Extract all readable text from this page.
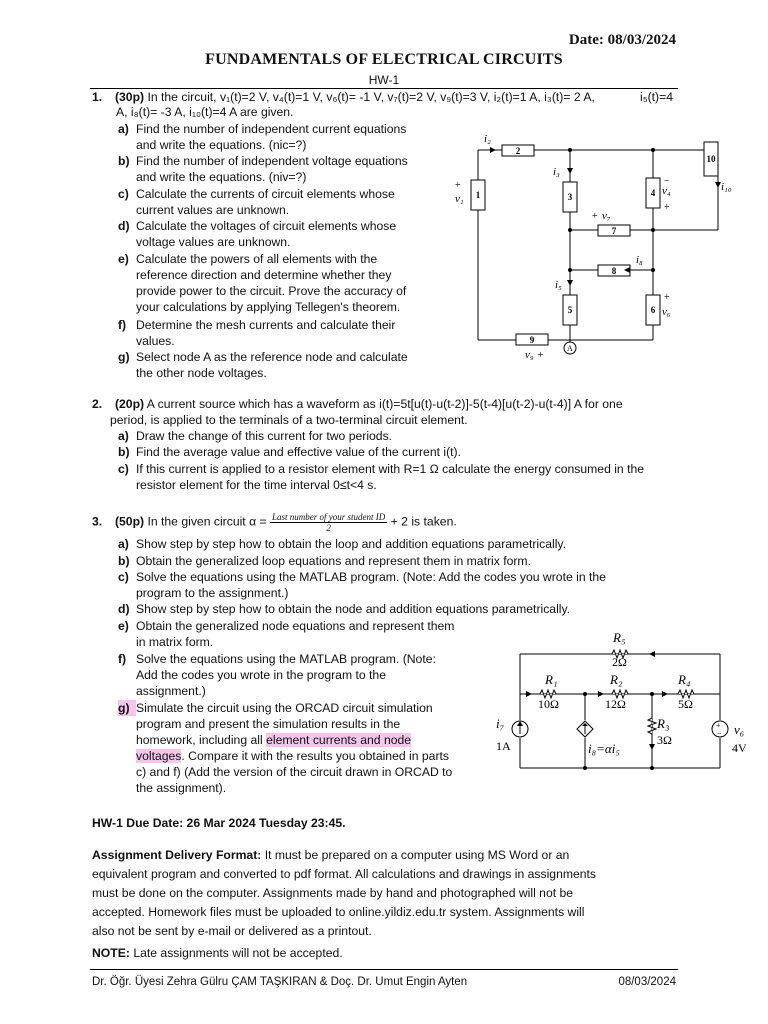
Date: 08/03/2024
FUNDAMENTALS OF ELECTRICAL CIRCUITS
HW-1
1. (30p) In the circuit, v₁(t)=2 V, v₄(t)=1 V, v₆(t)= -1 V, v₇(t)=2 V, v₉(t)=3 V, i₂(t)=1 A, i₃(t)= 2 A,	i₅(t)=4
A, i₈(t)= -3 A, i₁₀(t)=4 A are given.
a) Find the number of independent current equations
and write the equations. (nic=?)
b) Find the number of independent voltage equations
and write the equations. (niv=?)
c) Calculate the currents of circuit elements whose
current values are unknown.
d) Calculate the voltages of circuit elements whose
voltage values are unknown.
e) Calculate the powers of all elements with the
reference direction and determine whether they
provide power to the circuit. Prove the accuracy of
your calculations by applying Tellegen's theorem.
f) Determine the mesh currents and calculate their
values.
g) Select node A as the reference node and calculate
the other node voltages.
1
2
3	4
5	6
7
8
9
10
i₂
i₃
i₁₀
v₁
v₄
v₇
i₈
i₅
v₆
v₉ +
A
+	−
+
+
+
2. (20p) A current source which has a waveform as i(t)=5t[u(t)-u(t-2)]-5(t-4)[u(t-2)-u(t-4)] A for one
period, is applied to the terminals of a two-terminal circuit element.
a) Draw the change of this current for two periods.
b) Find the average value and effective value of the current i(t).
c) If this current is applied to a resistor element with R=1 Ω calculate the energy consumed in the
resistor element for the time interval 0≤t<4 s.
3. (50p) In the given circuit $\alpha = \frac{\text{Last number of your student ID}}{2} + 2$ is taken.
a) Show step by step how to obtain the loop and addition equations parametrically.
b) Obtain the generalized loop equations and represent them in matrix form.
c) Solve the equations using the MATLAB program. (Note: Add the codes you wrote in the
program to the assignment.)
d) Show step by step how to obtain the node and addition equations parametrically.
e) Obtain the generalized node equations and represent them
in matrix form.
f) Solve the equations using the MATLAB program. (Note:
Add the codes you wrote in the program to the
assignment.)
g) Simulate the circuit using the ORCAD circuit simulation
program and present the simulation results in the
homework, including all element currents and node
voltages. Compare it with the results you obtained in parts
c) and f) (Add the version of the circuit drawn in ORCAD to
the assignment).
+
−
R₅
R₁	R₂	R₄
R₃
i₇
i₈=αi₅
v₆
2Ω
10Ω	12Ω	5Ω
3Ω
1A	4V
HW-1 Due Date: 26 Mar 2024 Tuesday 23:45.
Assignment Delivery Format: It must be prepared on a computer using MS Word or an
equivalent program and converted to pdf format. All calculations and drawings in assignments
must be done on the computer. Assignments made by hand and photographed will not be
accepted. Homework files must be uploaded to online.yildiz.edu.tr system. Assignments will
also not be sent by e-mail or delivered as a printout.
NOTE: Late assignments will not be accepted.
Dr. Öğr. Üyesi Zehra Gülru ÇAM TAŞKIRAN & Doç. Dr. Umut Engin Ayten	08/03/2024
